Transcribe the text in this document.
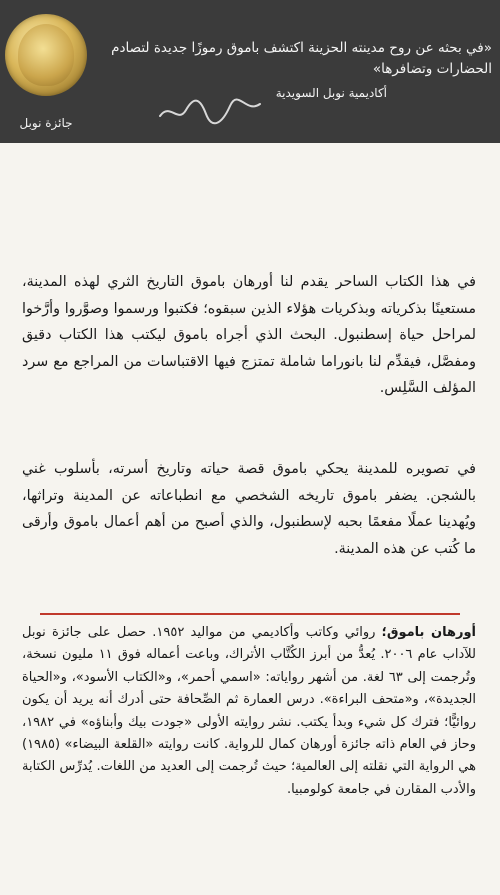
جائزة نوبل
«في بحثه عن روح مدينته الحزينة اكتشف باموق رموزًا جديدة لتصادم الحضارات وتضافرها»
أكاديمية نوبل السويدية
في هذا الكتاب الساحر يقدم لنا أورهان باموق التاريخ الثري لهذه المدينة، مستعينًا بذكرياته وبذكريات هؤلاء الذين سبقوه؛ فكتبوا ورسموا وصوَّروا وأرَّخوا لمراحل حياة إسطنبول. البحث الذي أجراه باموق ليكتب هذا الكتاب دقيق ومفصَّل، فيقدِّم لنا بانوراما شاملة تمتزج فيها الاقتباسات من المراجع مع سرد المؤلف السَّلِس.
في تصويره للمدينة يحكي باموق قصة حياته وتاريخ أسرته، بأسلوب غني بالشجن. يضفر باموق تاريخه الشخصي مع انطباعاته عن المدينة وتراثها، ويُهدينا عملًا مفعمًا بحبه لإسطنبول، والذي أصبح من أهم أعمال باموق وأرقى ما كُتب عن هذه المدينة.
أورهان باموق؛ روائي وكاتب وأكاديمي من مواليد ١٩٥٢. حصل على جائزة نوبل للآداب عام ٢٠٠٦. يُعدُّ من أبرز الكُتَّاب الأتراك، وباعت أعماله فوق ١١ مليون نسخة، وتُرجمت إلى ٦٣ لغة. من أشهر رواياته: «اسمي أحمر»، و«الكتاب الأسود»، و«الحياة الجديدة»، و«متحف البراءة». درس العمارة ثم الصِّحافة حتى أدرك أنه يريد أن يكون روائيًّا؛ فترك كل شيء وبدأ يكتب. نشر روايته الأولى «جودت بيك وأبناؤه» في ١٩٨٢، وحاز في العام ذاته جائزة أورهان كمال للرواية. كانت روايته «القلعة البيضاء» (١٩٨٥) هي الرواية التي نقلته إلى العالمية؛ حيث تُرجمت إلى العديد من اللغات. يُدرِّس الكتابة والأدب المقارن في جامعة كولومبيا.
